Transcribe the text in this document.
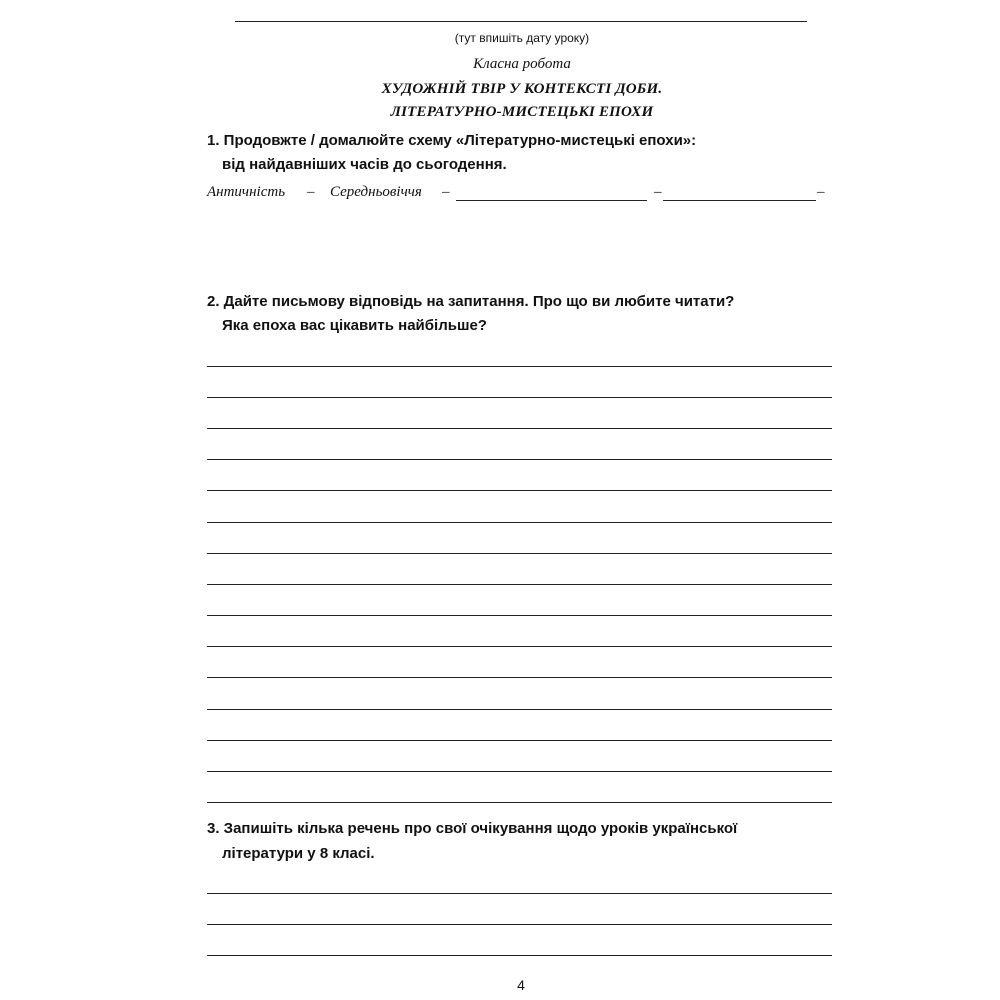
(тут впишіть дату уроку)
Класна робота
ХУДОЖНІЙ ТВІР У КОНТЕКСТІ ДОБИ.
ЛІТЕРАТУРНО-МИСТЕЦЬКІ ЕПОХИ
1. Продовжте / домалюйте схему «Літературно-мистецькі епохи»:
від найдавніших часів до сьогодення.
Античність – Середньовіччя –	–	–
2. Дайте письмову відповідь на запитання. Про що ви любите читати?
Яка епоха вас цікавить найбільше?
3. Запишіть кілька речень про свої очікування щодо уроків української
літератури у 8 класі.
4
